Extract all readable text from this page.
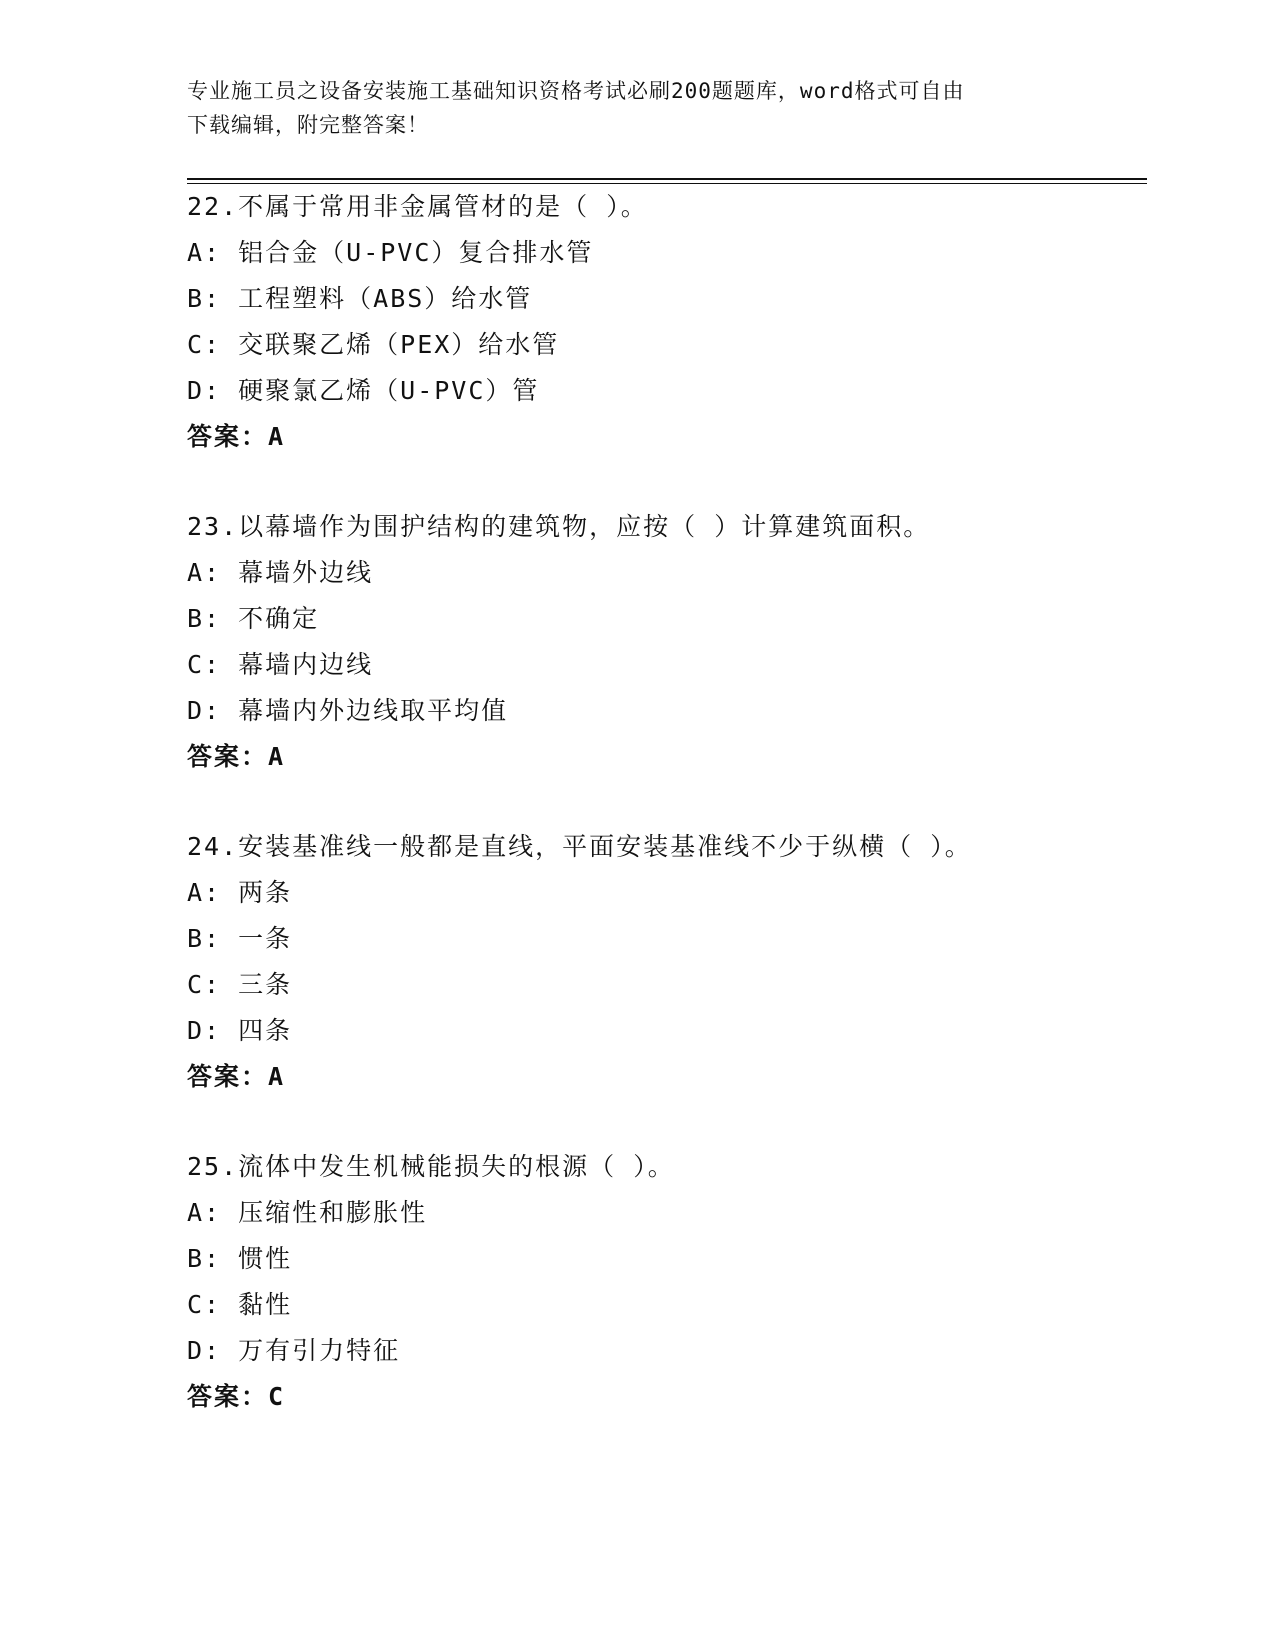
专业施工员之设备安装施工基础知识资格考试必刷200题题库，word格式可自由
下载编辑，附完整答案！
22.不属于常用非金属管材的是（ ）。
A: 铝合金（U-PVC）复合排水管
B: 工程塑料（ABS）给水管
C: 交联聚乙烯（PEX）给水管
D: 硬聚氯乙烯（U-PVC）管
答案：A
23.以幕墙作为围护结构的建筑物，应按（ ）计算建筑面积。
A: 幕墙外边线
B: 不确定
C: 幕墙内边线
D: 幕墙内外边线取平均值
答案：A
24.安装基准线一般都是直线，平面安装基准线不少于纵横（ ）。
A: 两条
B: 一条
C: 三条
D: 四条
答案：A
25.流体中发生机械能损失的根源（ ）。
A: 压缩性和膨胀性
B: 惯性
C: 黏性
D: 万有引力特征
答案：C
